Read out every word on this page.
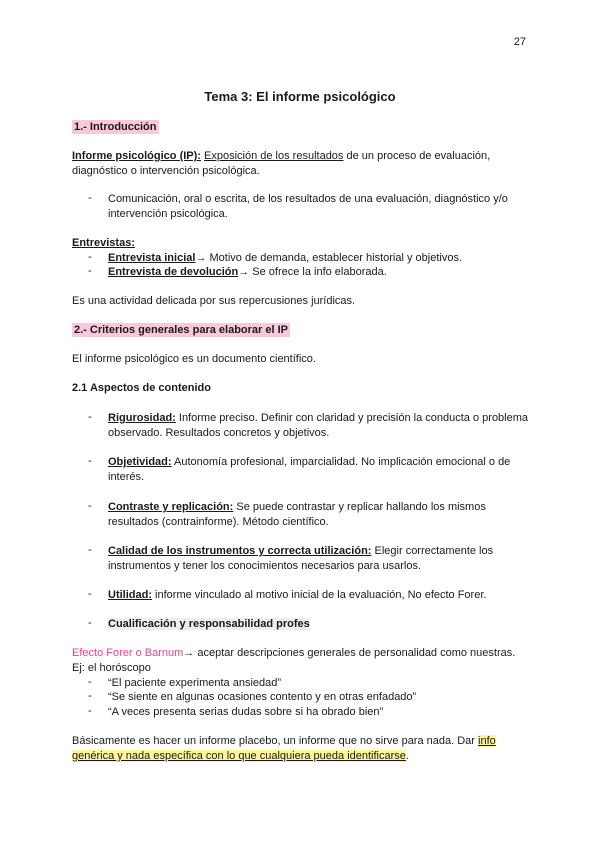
27
Tema 3: El informe psicológico
1.- Introducción
Informe psicológico (IP): Exposición de los resultados de un proceso de evaluación, diagnóstico o intervención psicológica.
- Comunicación, oral o escrita, de los resultados de una evaluación, diagnóstico y/o intervención psicológica.
Entrevistas:
- Entrevista inicial→ Motivo de demanda, establecer historial y objetivos.
- Entrevista de devolución→ Se ofrece la info elaborada.
Es una actividad delicada por sus repercusiones jurídicas.
2.- Criterios generales para elaborar el IP
El informe psicológico es un documento científico.
2.1 Aspectos de contenido
- Rigurosidad: Informe preciso. Definir con claridad y precisión la conducta o problema observado. Resultados concretos y objetivos.
- Objetividad: Autonomía profesional, imparcialidad. No implicación emocional o de interés.
- Contraste y replicación: Se puede contrastar y replicar hallando los mismos resultados (contrainforme). Método científico.
- Calidad de los instrumentos y correcta utilización: Elegir correctamente los instrumentos y tener los conocimientos necesarios para usarlos.
- Utilidad: informe vinculado al motivo inicial de la evaluación, No efecto Forer.
- Cualificación y responsabilidad profes
Efecto Forer o Barnum→ aceptar descripciones generales de personalidad como nuestras.
Ej: el horóscopo
- “El paciente experimenta ansiedad”
- “Se siente en algunas ocasiones contento y en otras enfadado”
- “A veces presenta serias dudas sobre si ha obrado bien”
Básicamente es hacer un informe placebo, un informe que no sirve para nada. Dar info genérica y nada específica con lo que cualquiera pueda identificarse.
